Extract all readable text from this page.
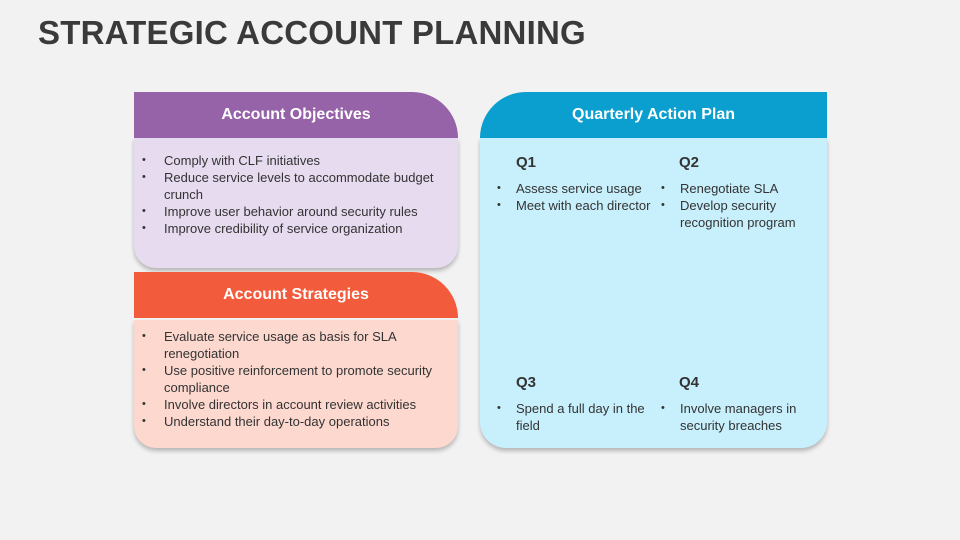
STRATEGIC ACCOUNT PLANNING
Account Objectives
• Comply with CLF initiatives
• Reduce service levels to accommodate budget crunch
• Improve user behavior around security rules
• Improve credibility of service organization
Account Strategies
• Evaluate service usage as basis for SLA renegotiation
• Use positive reinforcement to promote security compliance
• Involve directors in account review activities
• Understand their day-to-day operations
Quarterly Action Plan
Q1
• Assess service usage
• Meet with each director
Q2
• Renegotiate SLA
• Develop security recognition program
Q3
• Spend a full day in the field
Q4
• Involve managers in security breaches
